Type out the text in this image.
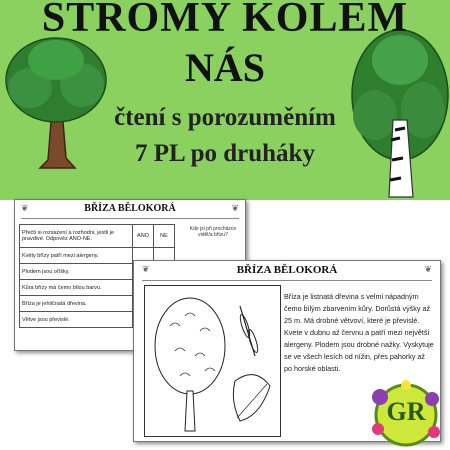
STROMY KOLEM
NÁS
čtení s porozuměním
7 PL po druháky
❦	BŘÍZA BĚLOKORÁ	❦
Přečti si rozsazení a rozhodni, jestli je pravdivé. Odpověz ANO-NE.	ANO	NE
Květy břízy patří mezi alergeny.		
Plodem jsou oříšky.		
Kůra břízy má čemo bílou barvu.		
Bříza je jehličnatá dřevina.		
Větve jsou převislé.		
Kde jsi při procházce viděl/a břízu?
❦	BŘÍZA BĚLOKORÁ	❦
Bříza je listnatá dřevina s velmi nápadným čemo bílým zbarvením kůry. Dorůstá výšky až 25 m. Má drobné větvoví, které je převislé. Kvete v dubnu až červnu a patří mezi největší alergeny. Plodem jsou drobné nažky. Vyskytuje se ve všech lesích od nížin, přes pahorky až po horské oblasti.
GR
